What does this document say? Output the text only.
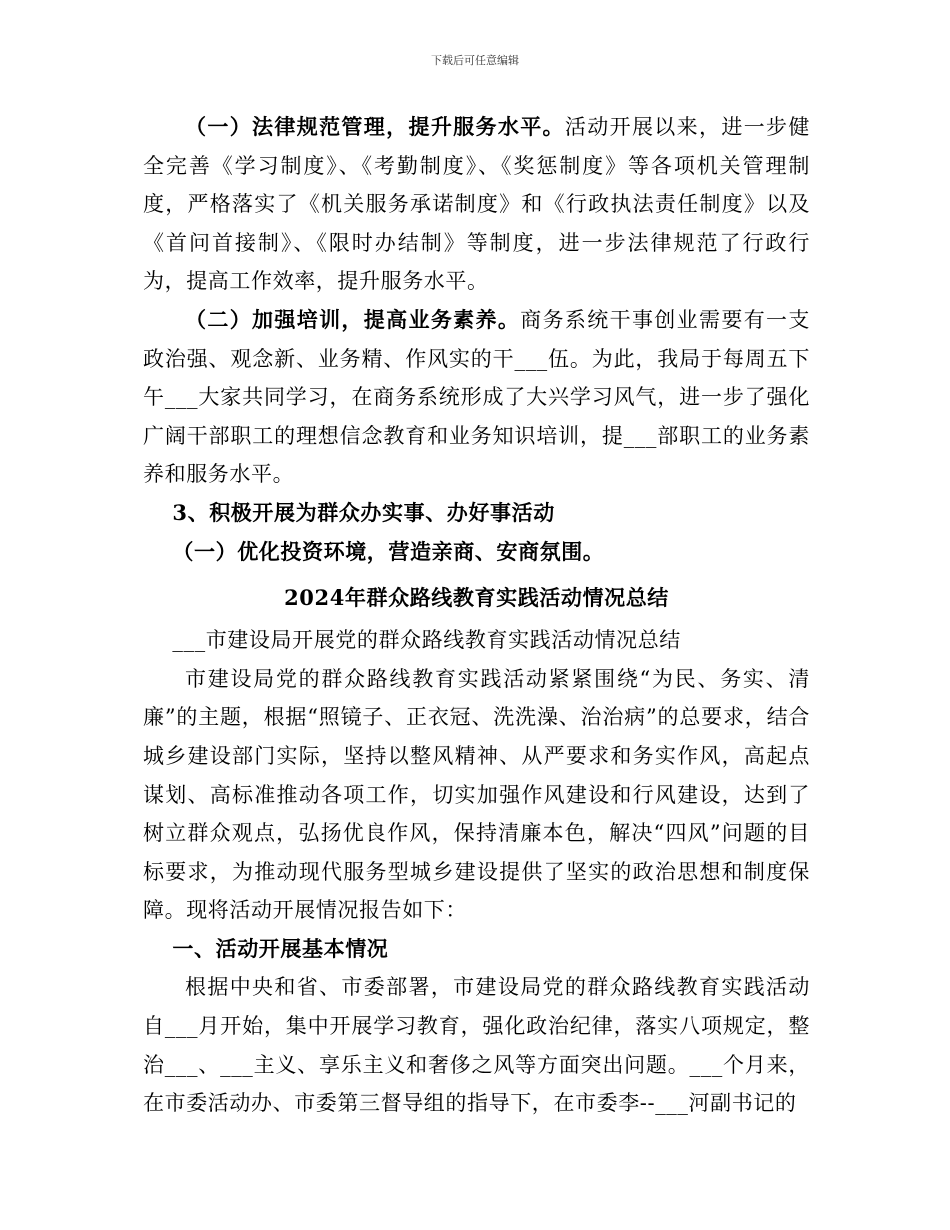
下载后可任意编辑

（一）法律规范管理，提升服务水平。活动开展以来，进一步健全完善《学习制度》、《考勤制度》、《奖惩制度》等各项机关管理制度，严格落实了《机关服务承诺制度》和《行政执法责任制度》以及《首问首接制》、《限时办结制》等制度，进一步法律规范了行政行为，提高工作效率，提升服务水平。

（二）加强培训，提高业务素养。商务系统干事创业需要有一支政治强、观念新、业务精、作风实的干___伍。为此，我局于每周五下午___大家共同学习，在商务系统形成了大兴学习风气，进一步了强化广阔干部职工的理想信念教育和业务知识培训，提___部职工的业务素养和服务水平。

3、积极开展为群众办实事、办好事活动

（一）优化投资环境，营造亲商、安商氛围。

2024年群众路线教育实践活动情况总结

___市建设局开展党的群众路线教育实践活动情况总结

市建设局党的群众路线教育实践活动紧紧围绕“为民、务实、清廉”的主题，根据“照镜子、正衣冠、洗洗澡、治治病”的总要求，结合城乡建设部门实际，坚持以整风精神、从严要求和务实作风，高起点谋划、高标准推动各项工作，切实加强作风建设和行风建设，达到了树立群众观点，弘扬优良作风，保持清廉本色，解决“四风”问题的目标要求，为推动现代服务型城乡建设提供了坚实的政治思想和制度保障。现将活动开展情况报告如下：

一、活动开展基本情况

根据中央和省、市委部署，市建设局党的群众路线教育实践活动自___月开始，集中开展学习教育，强化政治纪律，落实八项规定，整治___、___主义、享乐主义和奢侈之风等方面突出问题。___个月来，在市委活动办、市委第三督导组的指导下，在市委李--___河副书记的
